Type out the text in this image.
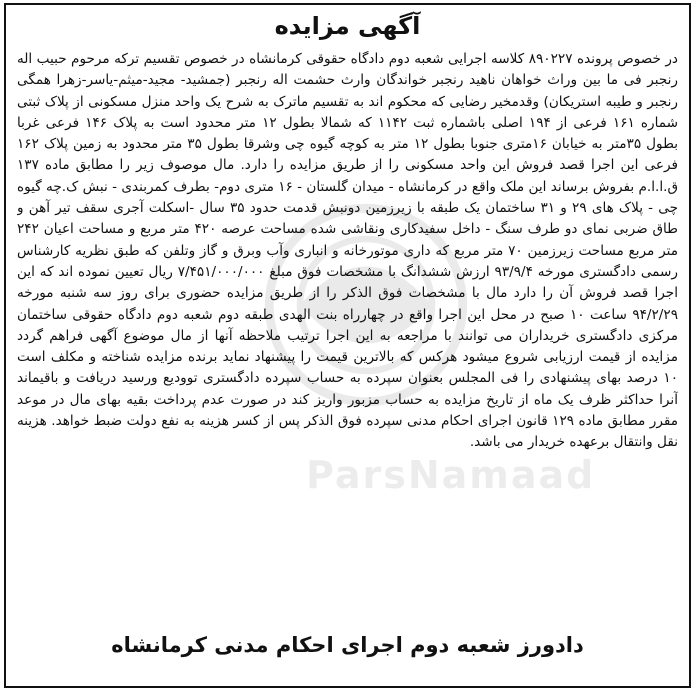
ParsNamaad
آگهی مزایده
در خصوص پرونده ۸۹۰۲۲۷ کلاسه اجرایی شعبه دوم دادگاه حقوقی کرمانشاه در خصوص تقسیم ترکه مرحوم حبیب اله رنجبر فی ما بین وراث خواهان ناهید رنجبر خواندگان وارث حشمت اله رنجبر (جمشید- مجید-میثم-یاسر-زهرا همگی رنجبر و طیبه استریکان) وقدمخیر رضایی که محکوم اند به تقسیم ماترک به شرح یک واحد منزل مسکونی از پلاک ثبتی شماره ۱۶۱ فرعی از ۱۹۴ اصلی باشماره ثبت ۱۱۴۲ که شمالا بطول ۱۲ متر محدود است به پلاک ۱۴۶ فرعی غربا بطول ۳۵متر به خیابان ۱۶متری جنوبا بطول ۱۲ متر به کوچه گیوه چی وشرقا بطول ۳۵ متر محدود به زمین پلاک ۱۶۲ فرعی این اجرا قصد فروش این واحد مسکونی را از طریق مزایده را دارد. مال موصوف زیر را مطابق ماده ۱۳۷ ق.ا.ا.م بفروش برساند این ملک واقع در کرمانشاه - میدان گلستان - ۱۶ متری دوم- بطرف کمربندی - نبش ک.چه گیوه چی - پلاک های ۲۹ و ۳۱ ساختمان یک طبقه با زیرزمین دونبش قدمت حدود ۳۵ سال -اسکلت آجری سقف تیر آهن و طاق ضربی نمای دو طرف سنگ - داخل سفیدکاری ونقاشی شده مساحت عرصه ۴۲۰ متر مربع و مساحت اعیان ۲۴۲ متر مربع مساحت زیرزمین ۷۰ متر مربع که داری موتورخانه و انباری وآب وبرق و گاز وتلفن که طبق نظریه کارشناس رسمی دادگستری مورخه ۹۳/۹/۴ ارزش ششدانگ با مشخصات فوق مبلغ ۷/۴۵۱/۰۰۰/۰۰۰ ریال تعیین نموده اند که این اجرا قصد فروش آن را دارد مال با مشخصات فوق الذکر را از طریق مزایده حضوری برای روز سه شنبه مورخه ۹۴/۲/۲۹ ساعت ۱۰ صبح در محل این اجرا واقع در چهارراه بنت الهدی طبقه دوم شعبه دوم دادگاه حقوقی ساختمان مرکزی دادگستری خریداران می توانند با مراجعه به این اجرا ترتیب ملاحظه آنها از مال موضوع آگهی فراهم گردد مزایده از قیمت ارزیابی شروع میشود هرکس که بالاترین قیمت را پیشنهاد نماید برنده مزایده شناخته و مکلف است ۱۰ درصد بهای پیشنهادی را فی المجلس بعنوان سپرده به حساب سپرده دادگستری توودیع ورسید دریافت و باقیماند آنرا حداکثر ظرف یک ماه از تاریخ مزایده به حساب مزبور واریز کند در صورت عدم پرداخت بقیه بهای مال در موعد مقرر مطابق ماده ۱۲۹ قانون اجرای احکام مدنی سپرده فوق الذکر پس از کسر هزینه به نفع دولت ضبط خواهد. هزینه نقل وانتقال برعهده خریدار می باشد.
دادورز شعبه دوم اجرای احکام مدنی کرمانشاه
